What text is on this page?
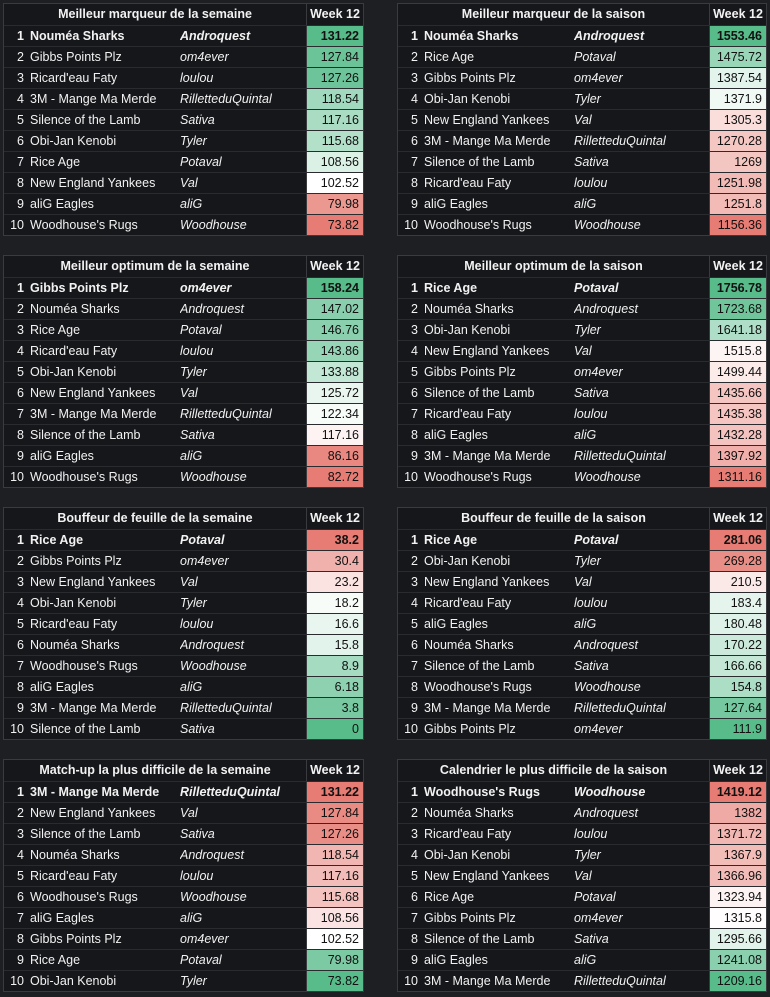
Meilleur marqueur de la semaine	Week 12
1 Nouméa Sharks	Androquest	131.22
2 Gibbs Points Plz	om4ever	127.84
3 Ricard'eau Faty	loulou	127.26
4 3M - Mange Ma Merde	RilletteduQuintal	118.54
5 Silence of the Lamb	Sativa	117.16
6 Obi-Jan Kenobi	Tyler	115.68
7 Rice Age	Potaval	108.56
8 New England Yankees	Val	102.52
9 aliG Eagles	aliG	79.98
10 Woodhouse's Rugs	Woodhouse	73.82
Meilleur marqueur de la saison	Week 12
1 Nouméa Sharks	Androquest	1553.46
2 Rice Age	Potaval	1475.72
3 Gibbs Points Plz	om4ever	1387.54
4 Obi-Jan Kenobi	Tyler	1371.9
5 New England Yankees	Val	1305.3
6 3M - Mange Ma Merde	RilletteduQuintal	1270.28
7 Silence of the Lamb	Sativa	1269
8 Ricard'eau Faty	loulou	1251.98
9 aliG Eagles	aliG	1251.8
10 Woodhouse's Rugs	Woodhouse	1156.36
Meilleur optimum de la semaine	Week 12
1 Gibbs Points Plz	om4ever	158.24
2 Nouméa Sharks	Androquest	147.02
3 Rice Age	Potaval	146.76
4 Ricard'eau Faty	loulou	143.86
5 Obi-Jan Kenobi	Tyler	133.88
6 New England Yankees	Val	125.72
7 3M - Mange Ma Merde	RilletteduQuintal	122.34
8 Silence of the Lamb	Sativa	117.16
9 aliG Eagles	aliG	86.16
10 Woodhouse's Rugs	Woodhouse	82.72
Meilleur optimum de la saison	Week 12
1 Rice Age	Potaval	1756.78
2 Nouméa Sharks	Androquest	1723.68
3 Obi-Jan Kenobi	Tyler	1641.18
4 New England Yankees	Val	1515.8
5 Gibbs Points Plz	om4ever	1499.44
6 Silence of the Lamb	Sativa	1435.66
7 Ricard'eau Faty	loulou	1435.38
8 aliG Eagles	aliG	1432.28
9 3M - Mange Ma Merde	RilletteduQuintal	1397.92
10 Woodhouse's Rugs	Woodhouse	1311.16
Bouffeur de feuille de la semaine	Week 12
1 Rice Age	Potaval	38.2
2 Gibbs Points Plz	om4ever	30.4
3 New England Yankees	Val	23.2
4 Obi-Jan Kenobi	Tyler	18.2
5 Ricard'eau Faty	loulou	16.6
6 Nouméa Sharks	Androquest	15.8
7 Woodhouse's Rugs	Woodhouse	8.9
8 aliG Eagles	aliG	6.18
9 3M - Mange Ma Merde	RilletteduQuintal	3.8
10 Silence of the Lamb	Sativa	0
Bouffeur de feuille de la saison	Week 12
1 Rice Age	Potaval	281.06
2 Obi-Jan Kenobi	Tyler	269.28
3 New England Yankees	Val	210.5
4 Ricard'eau Faty	loulou	183.4
5 aliG Eagles	aliG	180.48
6 Nouméa Sharks	Androquest	170.22
7 Silence of the Lamb	Sativa	166.66
8 Woodhouse's Rugs	Woodhouse	154.8
9 3M - Mange Ma Merde	RilletteduQuintal	127.64
10 Gibbs Points Plz	om4ever	111.9
Match-up la plus difficile de la semaine	Week 12
1 3M - Mange Ma Merde	RilletteduQuintal	131.22
2 New England Yankees	Val	127.84
3 Silence of the Lamb	Sativa	127.26
4 Nouméa Sharks	Androquest	118.54
5 Ricard'eau Faty	loulou	117.16
6 Woodhouse's Rugs	Woodhouse	115.68
7 aliG Eagles	aliG	108.56
8 Gibbs Points Plz	om4ever	102.52
9 Rice Age	Potaval	79.98
10 Obi-Jan Kenobi	Tyler	73.82
Calendrier le plus difficile de la saison	Week 12
1 Woodhouse's Rugs	Woodhouse	1419.12
2 Nouméa Sharks	Androquest	1382
3 Ricard'eau Faty	loulou	1371.72
4 Obi-Jan Kenobi	Tyler	1367.9
5 New England Yankees	Val	1366.96
6 Rice Age	Potaval	1323.94
7 Gibbs Points Plz	om4ever	1315.8
8 Silence of the Lamb	Sativa	1295.66
9 aliG Eagles	aliG	1241.08
10 3M - Mange Ma Merde	RilletteduQuintal	1209.16
